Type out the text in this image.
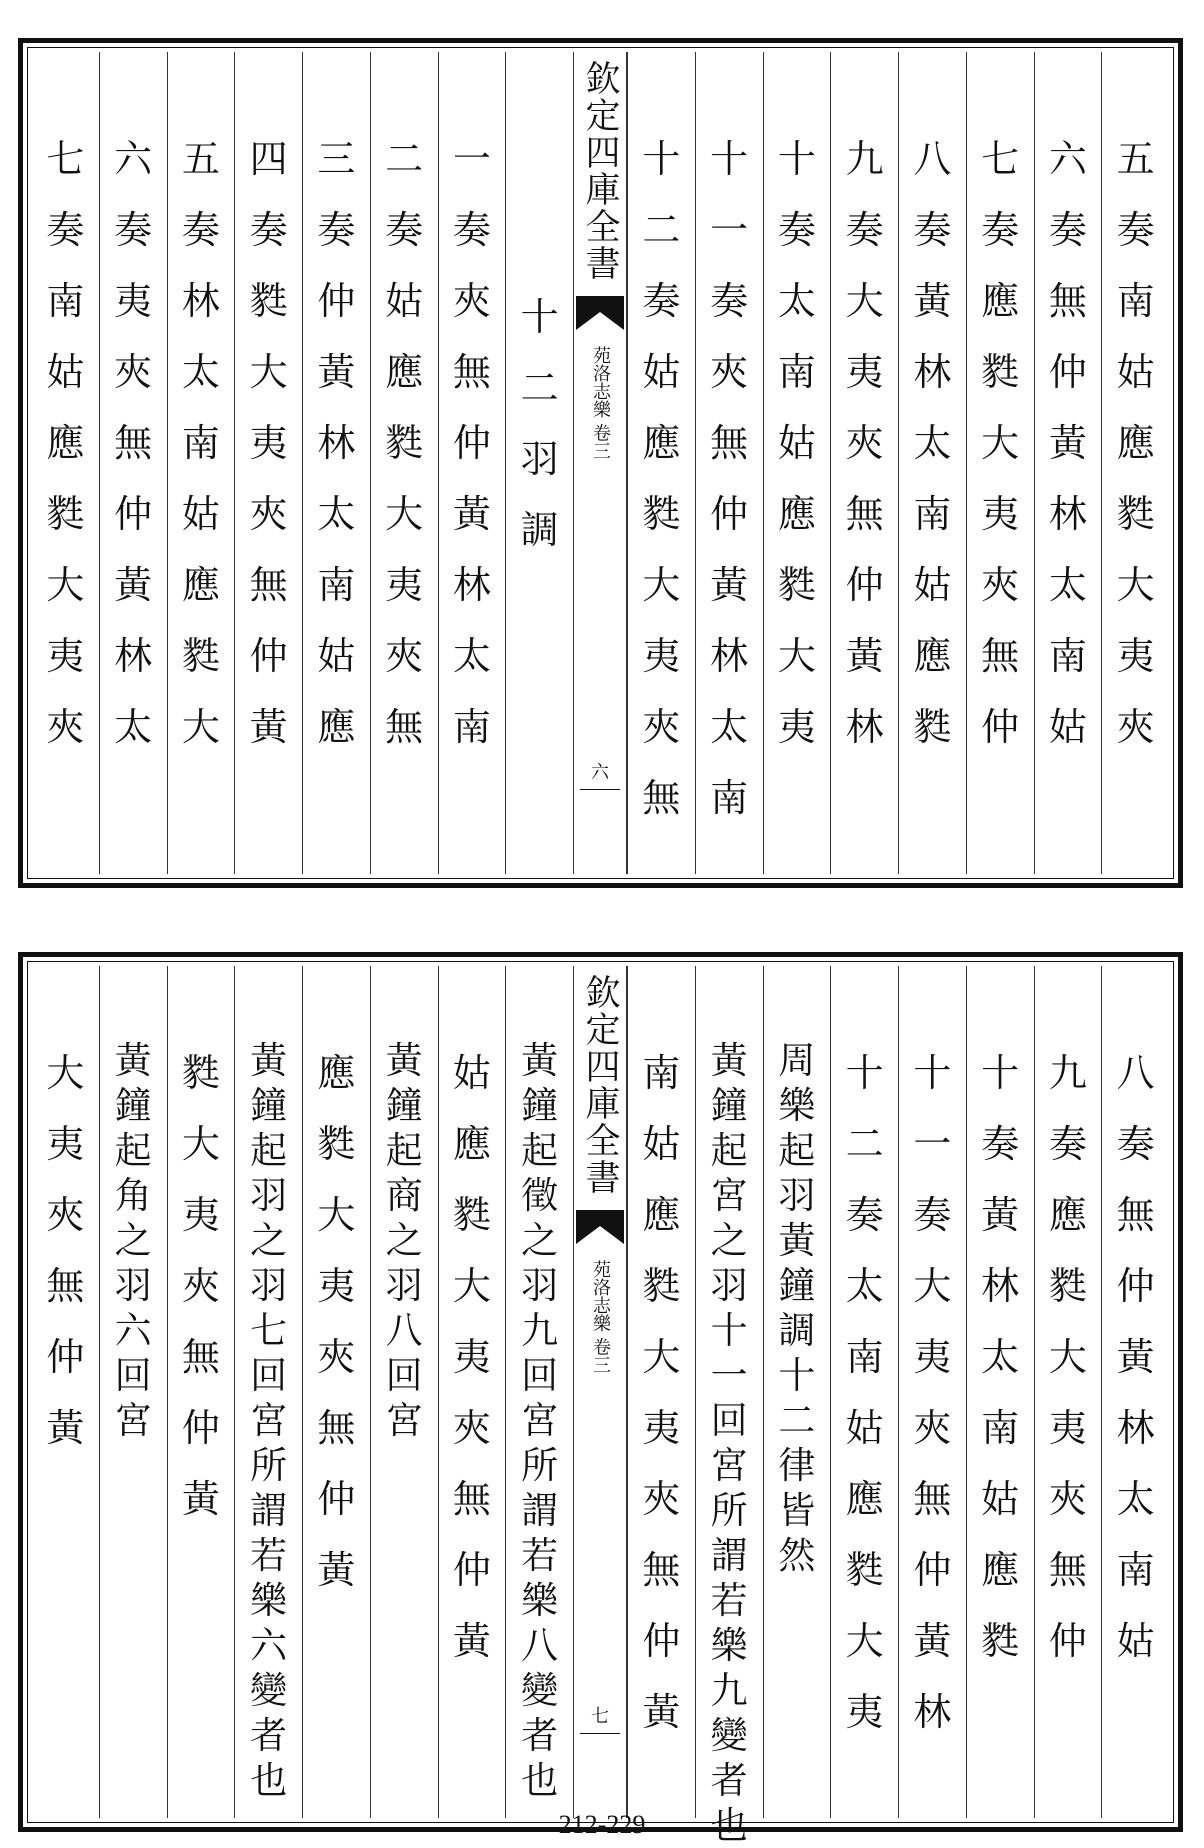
五
奏
南
姑
應
㽔
大
夷
夾
六
奏
無
仲
黃
林
太
南
姑
七
奏
應
㽔
大
夷
夾
無
仲
八
奏
黃
林
太
南
姑
應
㽔
九
奏
大
夷
夾
無
仲
黃
林
十
奏
太
南
姑
應
㽔
大
夷
十
一
奏
夾
無
仲
黃
林
太
南
十
二
奏
姑
應
㽔
大
夷
夾
無
欽定四庫全書
苑洛志樂 卷三
六
十
二
羽
調
一
奏
夾
無
仲
黃
林
太
南
二
奏
姑
應
㽔
大
夷
夾
無
三
奏
仲
黃
林
太
南
姑
應
四
奏
㽔
大
夷
夾
無
仲
黃
五
奏
林
太
南
姑
應
㽔
大
六
奏
夷
夾
無
仲
黃
林
太
七
奏
南
姑
應
㽔
大
夷
夾
八
奏
無
仲
黃
林
太
南
姑
九
奏
應
㽔
大
夷
夾
無
仲
十
奏
黃
林
太
南
姑
應
㽔
十
一
奏
大
夷
夾
無
仲
黃
林
十
二
奏
太
南
姑
應
㽔
大
夷
周
樂
起
羽
黃
鐘
調
十
二
律
皆
然
黃
鐘
起
宮
之
羽
十
一
回
宮
所
謂
若
樂
九
變
者
也
南
姑
應
㽔
大
夷
夾
無
仲
黃
欽定四庫全書
苑洛志樂 卷三
七
黃
鐘
起
徵
之
羽
九
回
宮
所
謂
若
樂
八
變
者
也
姑
應
㽔
大
夷
夾
無
仲
黃
黃
鐘
起
商
之
羽
八
回
宮
應
㽔
大
夷
夾
無
仲
黃
黃
鐘
起
羽
之
羽
七
回
宮
所
謂
若
樂
六
變
者
也
㽔
大
夷
夾
無
仲
黃
黃
鐘
起
角
之
羽
六
回
宮
大
夷
夾
無
仲
黃
212-229
